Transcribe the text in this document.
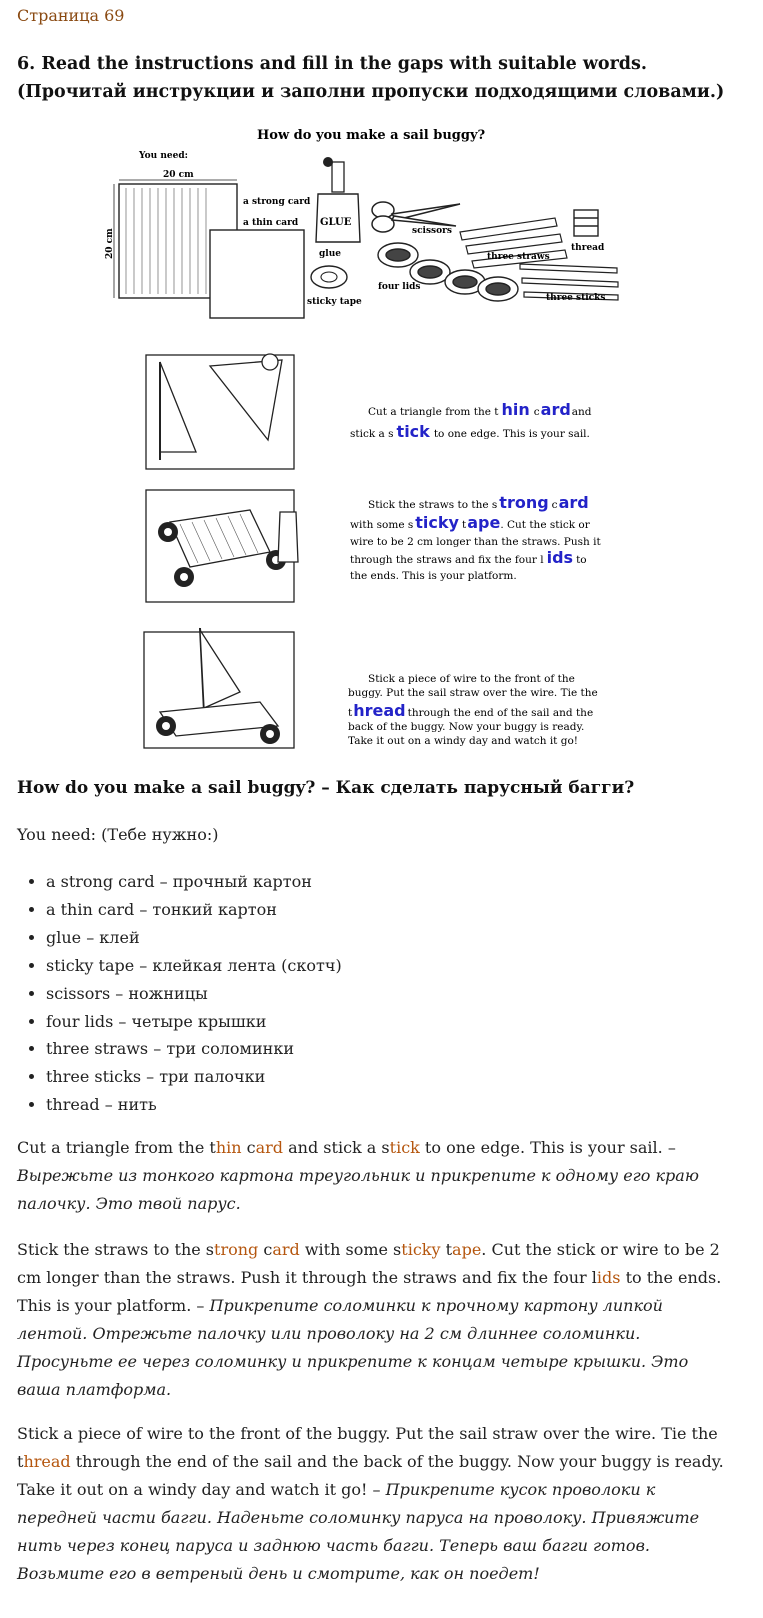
Страница 69
6. Read the instructions and fill in the gaps with suitable words. (Прочитай инструкции и заполни пропуски подходящими словами.)
How do you make a sail buggy?
You need:
20 cm
20 cm
a strong card
a thin card GLUE
glue
sticky tape
scissors
four lids
three straws
thread
three sticks
Cut a triangle from the t hin cardand
stick a s tick to one edge. This is your sail.
Stick the straws to the s trong card
with some s ticky tape. Cut the stick or
wire to be 2 cm longer than the straws. Push it
through the straws and fix the four l ids to
the ends. This is your platform.
Stick a piece of wire to the front of the
buggy. Put the sail straw over the wire. Tie the
thread through the end of the sail and the
back of the buggy. Now your buggy is ready.
Take it out on a windy day and watch it go!
How do you make a sail buggy? – Как сделать парусный багги?
You need: (Тебе нужно:)
• a strong card – прочный картон
• a thin card – тонкий картон
• glue – клей
• sticky tape – клейкая лента (скотч)
• scissors – ножницы
• four lids – четыре крышки
• three straws – три соломинки
• three sticks – три палочки
• thread – нить
Cut a triangle from the thin card and stick a stick to one edge. This is your sail. – Вырежьте из тонкого картона треугольник и прикрепите к одному его краю палочку. Это твой парус.
Stick the straws to the strong card with some sticky tape. Cut the stick or wire to be 2 cm longer than the straws. Push it through the straws and fix the four lids to the ends. This is your platform. – Прикрепите соломинки к прочному картону липкой лентой. Отрежьте палочку или проволоку на 2 см длиннее соломинки. Просуньте ее через соломинку и прикрепите к концам четыре крышки. Это ваша платформа.
Stick a piece of wire to the front of the buggy. Put the sail straw over the wire. Tie the thread through the end of the sail and the back of the buggy. Now your buggy is ready. Take it out on a windy day and watch it go! – Прикрепите кусок проволоки к передней части багги. Наденьте соломинку паруса на проволоку. Привяжите нить через конец паруса и заднюю часть багги. Теперь ваш багги готов. Возьмите его в ветреный день и смотрите, как он поедет!
